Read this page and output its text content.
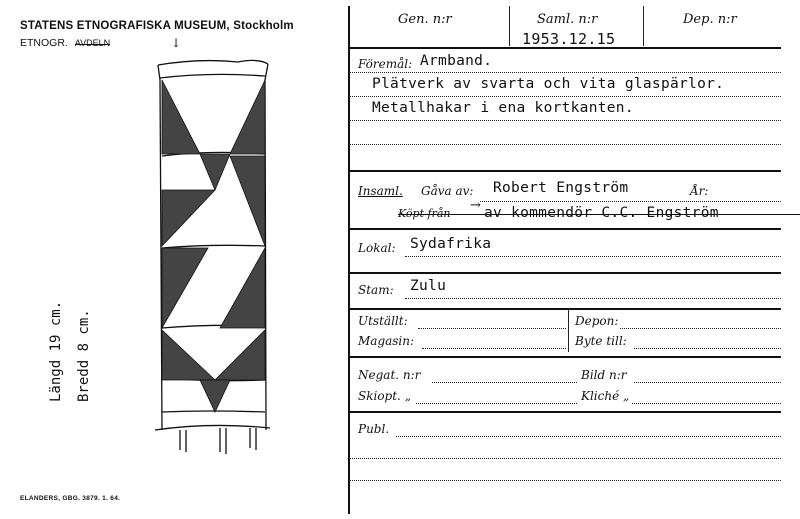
STATENS ETNOGRAFISKA MUSEUM, Stockholm
ETNOGR. AVDELN	↓
Längd 19 cm. Bredd 8 cm.
ELANDERS, GBG. 3879. 1. 64.
Gen. n:r	Saml. n:r	Dep. n:r
1953.12.15
Föremål: Armband.
Plätverk av svarta och vita glaspärlor.
Metallhakar i ena kortkanten.
Insaml. Gåva av: Robert Engström	År:
Köpt från
→ av kommendör C.C. Engström
Lokal: Sydafrika
Stam: Zulu
Utställt:	Depon:
Magasin:	Byte till:
Negat. n:r	Bild n:r
Skiopt. „	Kliché „
Publ.
